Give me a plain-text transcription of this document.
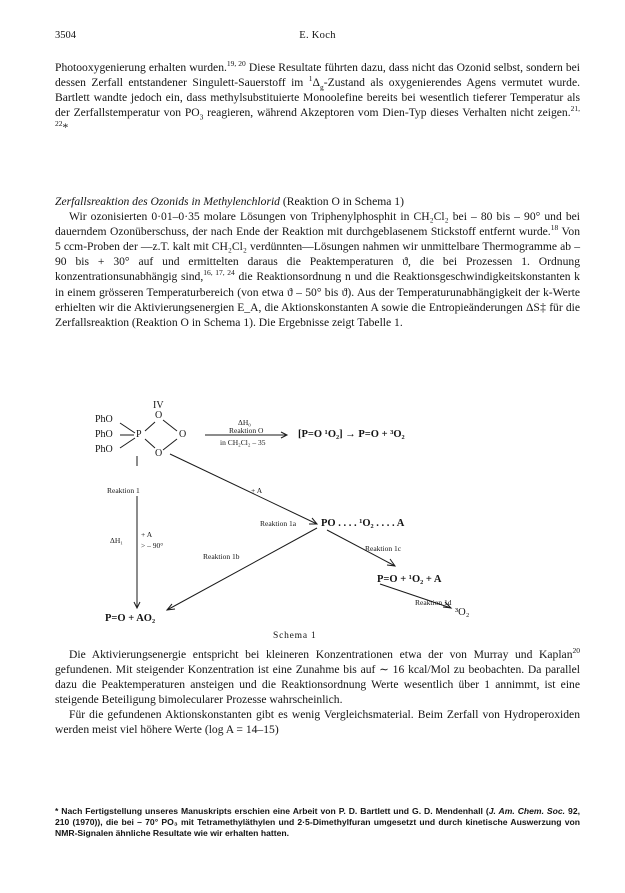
3504	E. Koch

Photooxygenierung erhalten wurden.$^{19, 20}$ Diese Resultate führten dazu, dass nicht das Ozonid selbst, sondern bei dessen Zerfall entstandener Singulett-Sauerstoff im $^1\Delta_g$-Zustand als oxygenierendes Agens vermutet wurde. Bartlett wandte jedoch ein, dass methylsubstituierte Monoolefine bereits bei wesentlich tieferer Temperatur als der Zerfallstemperatur von $PO_3$ reagieren, während Akzeptoren vom Dien-Typ dieses Verhalten nicht zeigen.$^{21, 22}$*

Zerfallsreaktion des Ozonids in Methylenchlorid (Reaktion O in Schema 1)

Wir ozonisierten 0·01–0·35 molare Lösungen von Triphenylphosphit in CH₂Cl₂ bei – 80 bis – 90° und bei dauerndem Ozonüberschuss, der nach Ende der Reaktion mit durchgeblasenem Stickstoff entfernt wurde.$^{18}$ Von 5 ccm-Proben der —z.T. kalt mit CH₂Cl₂ verdünnten—Lösungen nahmen wir unmittelbare Thermogramme ab – 90 bis + 30° auf und ermittelten daraus die Peaktemperaturen ϑ, die bei Prozessen 1. Ordnung konzentrationsunabhängig sind,$^{16, 17, 24}$ die Reaktionsordnung n und die Reaktionsgeschwindigkeitskonstanten k in einem grösseren Temperaturbereich (von etwa ϑ – 50° bis ϑ). Aus der Temperaturunabhängigkeit der k-Werte erhielten wir die Aktivierungsenergien E_A, die Aktionskonstanten A sowie die Entropieänderungen ΔS‡ für die Zerfallsreaktion (Reaktion O in Schema 1). Die Ergebnisse zeigt Tabelle 1.

IV
PhO
PhO
PhO
P
O
O
O
ΔH₀
Reaktion O
in CH₂Cl₂ – 35
[P=O ¹O₂] → P=O + ³O₂
Reaktion 1	+ A
Reaktion 1a PO . . . . ¹O₂ . . . . A
ΔH₁
+ A
> – 90°
Reaktion 1b
Reaktion 1c
P=O + ¹O₂ + A
Reaktion 1d
³O₂
P=O + AO₂
Schema 1

Die Aktivierungsenergie entspricht bei kleineren Konzentrationen etwa der von Murray und Kaplan$^{20}$ gefundenen. Mit steigender Konzentration ist eine Zunahme bis auf ∼ 16 kcal/Mol zu beobachten. Da parallel dazu die Peaktemperaturen ansteigen und die Reaktionsordnung Werte wesentlich über 1 annimmt, ist eine steigende Beteiligung bimolecularer Prozesse wahrscheinlich.

Für die gefundenen Aktionskonstanten gibt es wenig Vergleichsmaterial. Beim Zerfall von Hydroperoxiden werden meist viel höhere Werte (log A = 14–15)

* Nach Fertigstellung unseres Manuskripts erschien eine Arbeit von P. D. Bartlett und G. D. Mendenhall (J. Am. Chem. Soc. 92, 210 (1970)), die bei – 70° PO₃ mit Tetramethyläthylen und 2·5-Dimethylfuran umgesetzt und durch kinetische Auswerzung von NMR-Signalen ähnliche Resultate wie wir erhalten hatten.
